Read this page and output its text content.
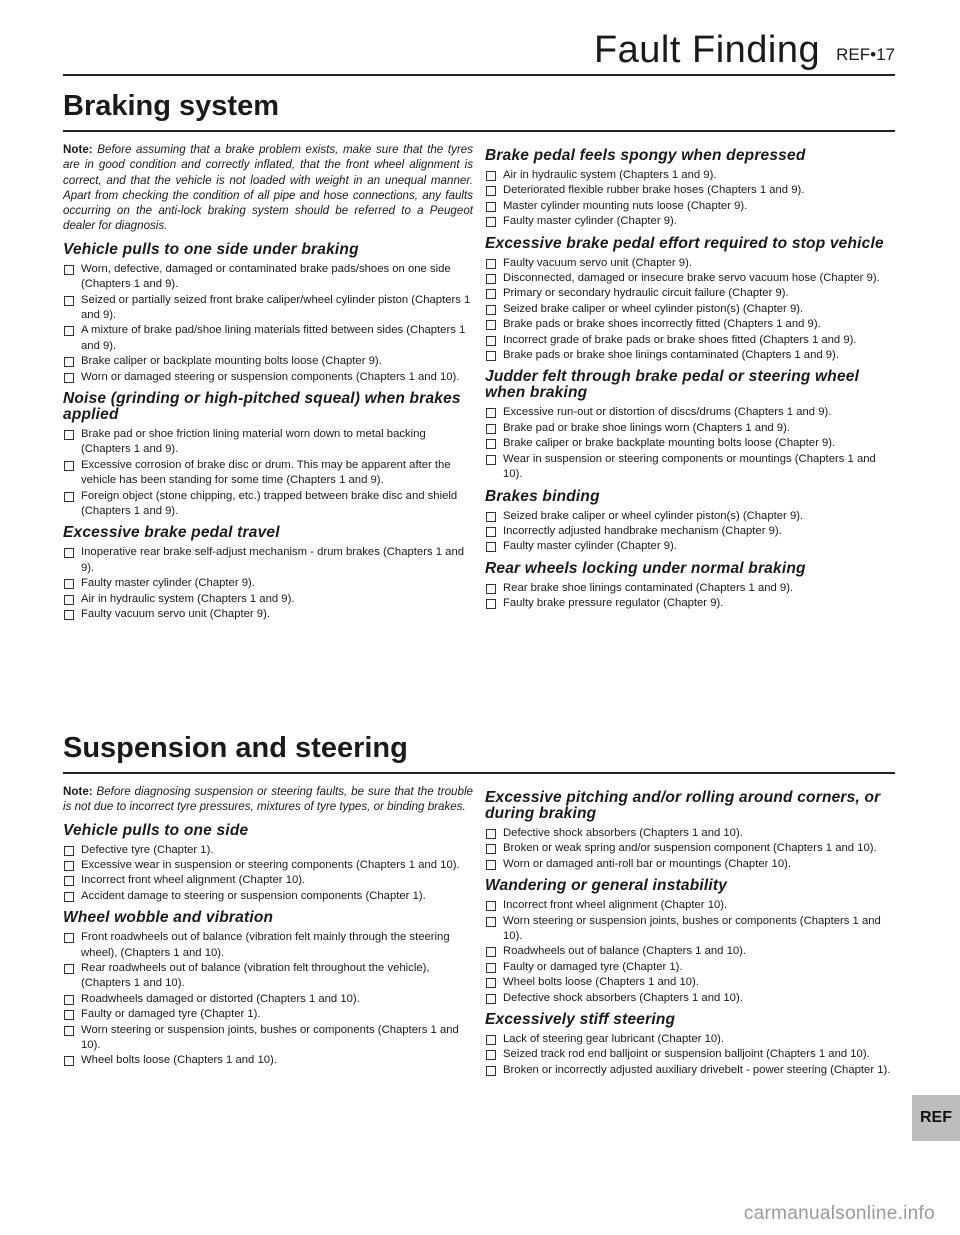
Fault Finding REF•17
Braking system

Note: Before assuming that a brake problem exists, make sure that the tyres are in good condition and correctly inflated, that the front wheel alignment is correct, and that the vehicle is not loaded with weight in an unequal manner. Apart from checking the condition of all pipe and hose connections, any faults occurring on the anti-lock braking system should be referred to a Peugeot dealer for diagnosis.

Vehicle pulls to one side under braking
Worn, defective, damaged or contaminated brake pads/shoes on one side (Chapters 1 and 9).
Seized or partially seized front brake caliper/wheel cylinder piston (Chapters 1 and 9).
A mixture of brake pad/shoe lining materials fitted between sides (Chapters 1 and 9).
Brake caliper or backplate mounting bolts loose (Chapter 9).
Worn or damaged steering or suspension components (Chapters 1 and 10).
Noise (grinding or high-pitched squeal) when brakes applied
Brake pad or shoe friction lining material worn down to metal backing (Chapters 1 and 9).
Excessive corrosion of brake disc or drum. This may be apparent after the vehicle has been standing for some time (Chapters 1 and 9).
Foreign object (stone chipping, etc.) trapped between brake disc and shield (Chapters 1 and 9).
Excessive brake pedal travel
Inoperative rear brake self-adjust mechanism - drum brakes (Chapters 1 and 9).
Faulty master cylinder (Chapter 9).
Air in hydraulic system (Chapters 1 and 9).
Faulty vacuum servo unit (Chapter 9).
Brake pedal feels spongy when depressed
Air in hydraulic system (Chapters 1 and 9).
Deteriorated flexible rubber brake hoses (Chapters 1 and 9).
Master cylinder mounting nuts loose (Chapter 9).
Faulty master cylinder (Chapter 9).
Excessive brake pedal effort required to stop vehicle
Faulty vacuum servo unit (Chapter 9).
Disconnected, damaged or insecure brake servo vacuum hose (Chapter 9).
Primary or secondary hydraulic circuit failure (Chapter 9).
Seized brake caliper or wheel cylinder piston(s) (Chapter 9).
Brake pads or brake shoes incorrectly fitted (Chapters 1 and 9).
Incorrect grade of brake pads or brake shoes fitted (Chapters 1 and 9).
Brake pads or brake shoe linings contaminated (Chapters 1 and 9).
Judder felt through brake pedal or steering wheel when braking
Excessive run-out or distortion of discs/drums (Chapters 1 and 9).
Brake pad or brake shoe linings worn (Chapters 1 and 9).
Brake caliper or brake backplate mounting bolts loose (Chapter 9).
Wear in suspension or steering components or mountings (Chapters 1 and 10).
Brakes binding
Seized brake caliper or wheel cylinder piston(s) (Chapter 9).
Incorrectly adjusted handbrake mechanism (Chapter 9).
Faulty master cylinder (Chapter 9).
Rear wheels locking under normal braking
Rear brake shoe linings contaminated (Chapters 1 and 9).
Faulty brake pressure regulator (Chapter 9).
Suspension and steering

Note: Before diagnosing suspension or steering faults, be sure that the trouble is not due to incorrect tyre pressures, mixtures of tyre types, or binding brakes.

Vehicle pulls to one side
Defective tyre (Chapter 1).
Excessive wear in suspension or steering components (Chapters 1 and 10).
Incorrect front wheel alignment (Chapter 10).
Accident damage to steering or suspension components (Chapter 1).
Wheel wobble and vibration
Front roadwheels out of balance (vibration felt mainly through the steering wheel), (Chapters 1 and 10).
Rear roadwheels out of balance (vibration felt throughout the vehicle), (Chapters 1 and 10).
Roadwheels damaged or distorted (Chapters 1 and 10).
Faulty or damaged tyre (Chapter 1).
Worn steering or suspension joints, bushes or components (Chapters 1 and 10).
Wheel bolts loose (Chapters 1 and 10).
Excessive pitching and/or rolling around corners, or during braking
Defective shock absorbers (Chapters 1 and 10).
Broken or weak spring and/or suspension component (Chapters 1 and 10).
Worn or damaged anti-roll bar or mountings (Chapter 10).
Wandering or general instability
Incorrect front wheel alignment (Chapter 10).
Worn steering or suspension joints, bushes or components (Chapters 1 and 10).
Roadwheels out of balance (Chapters 1 and 10).
Faulty or damaged tyre (Chapter 1).
Wheel bolts loose (Chapters 1 and 10).
Defective shock absorbers (Chapters 1 and 10).
Excessively stiff steering
Lack of steering gear lubricant (Chapter 10).
Seized track rod end balljoint or suspension balljoint (Chapters 1 and 10).
Broken or incorrectly adjusted auxiliary drivebelt - power steering (Chapter 1).
REF
carmanualsonline.info
